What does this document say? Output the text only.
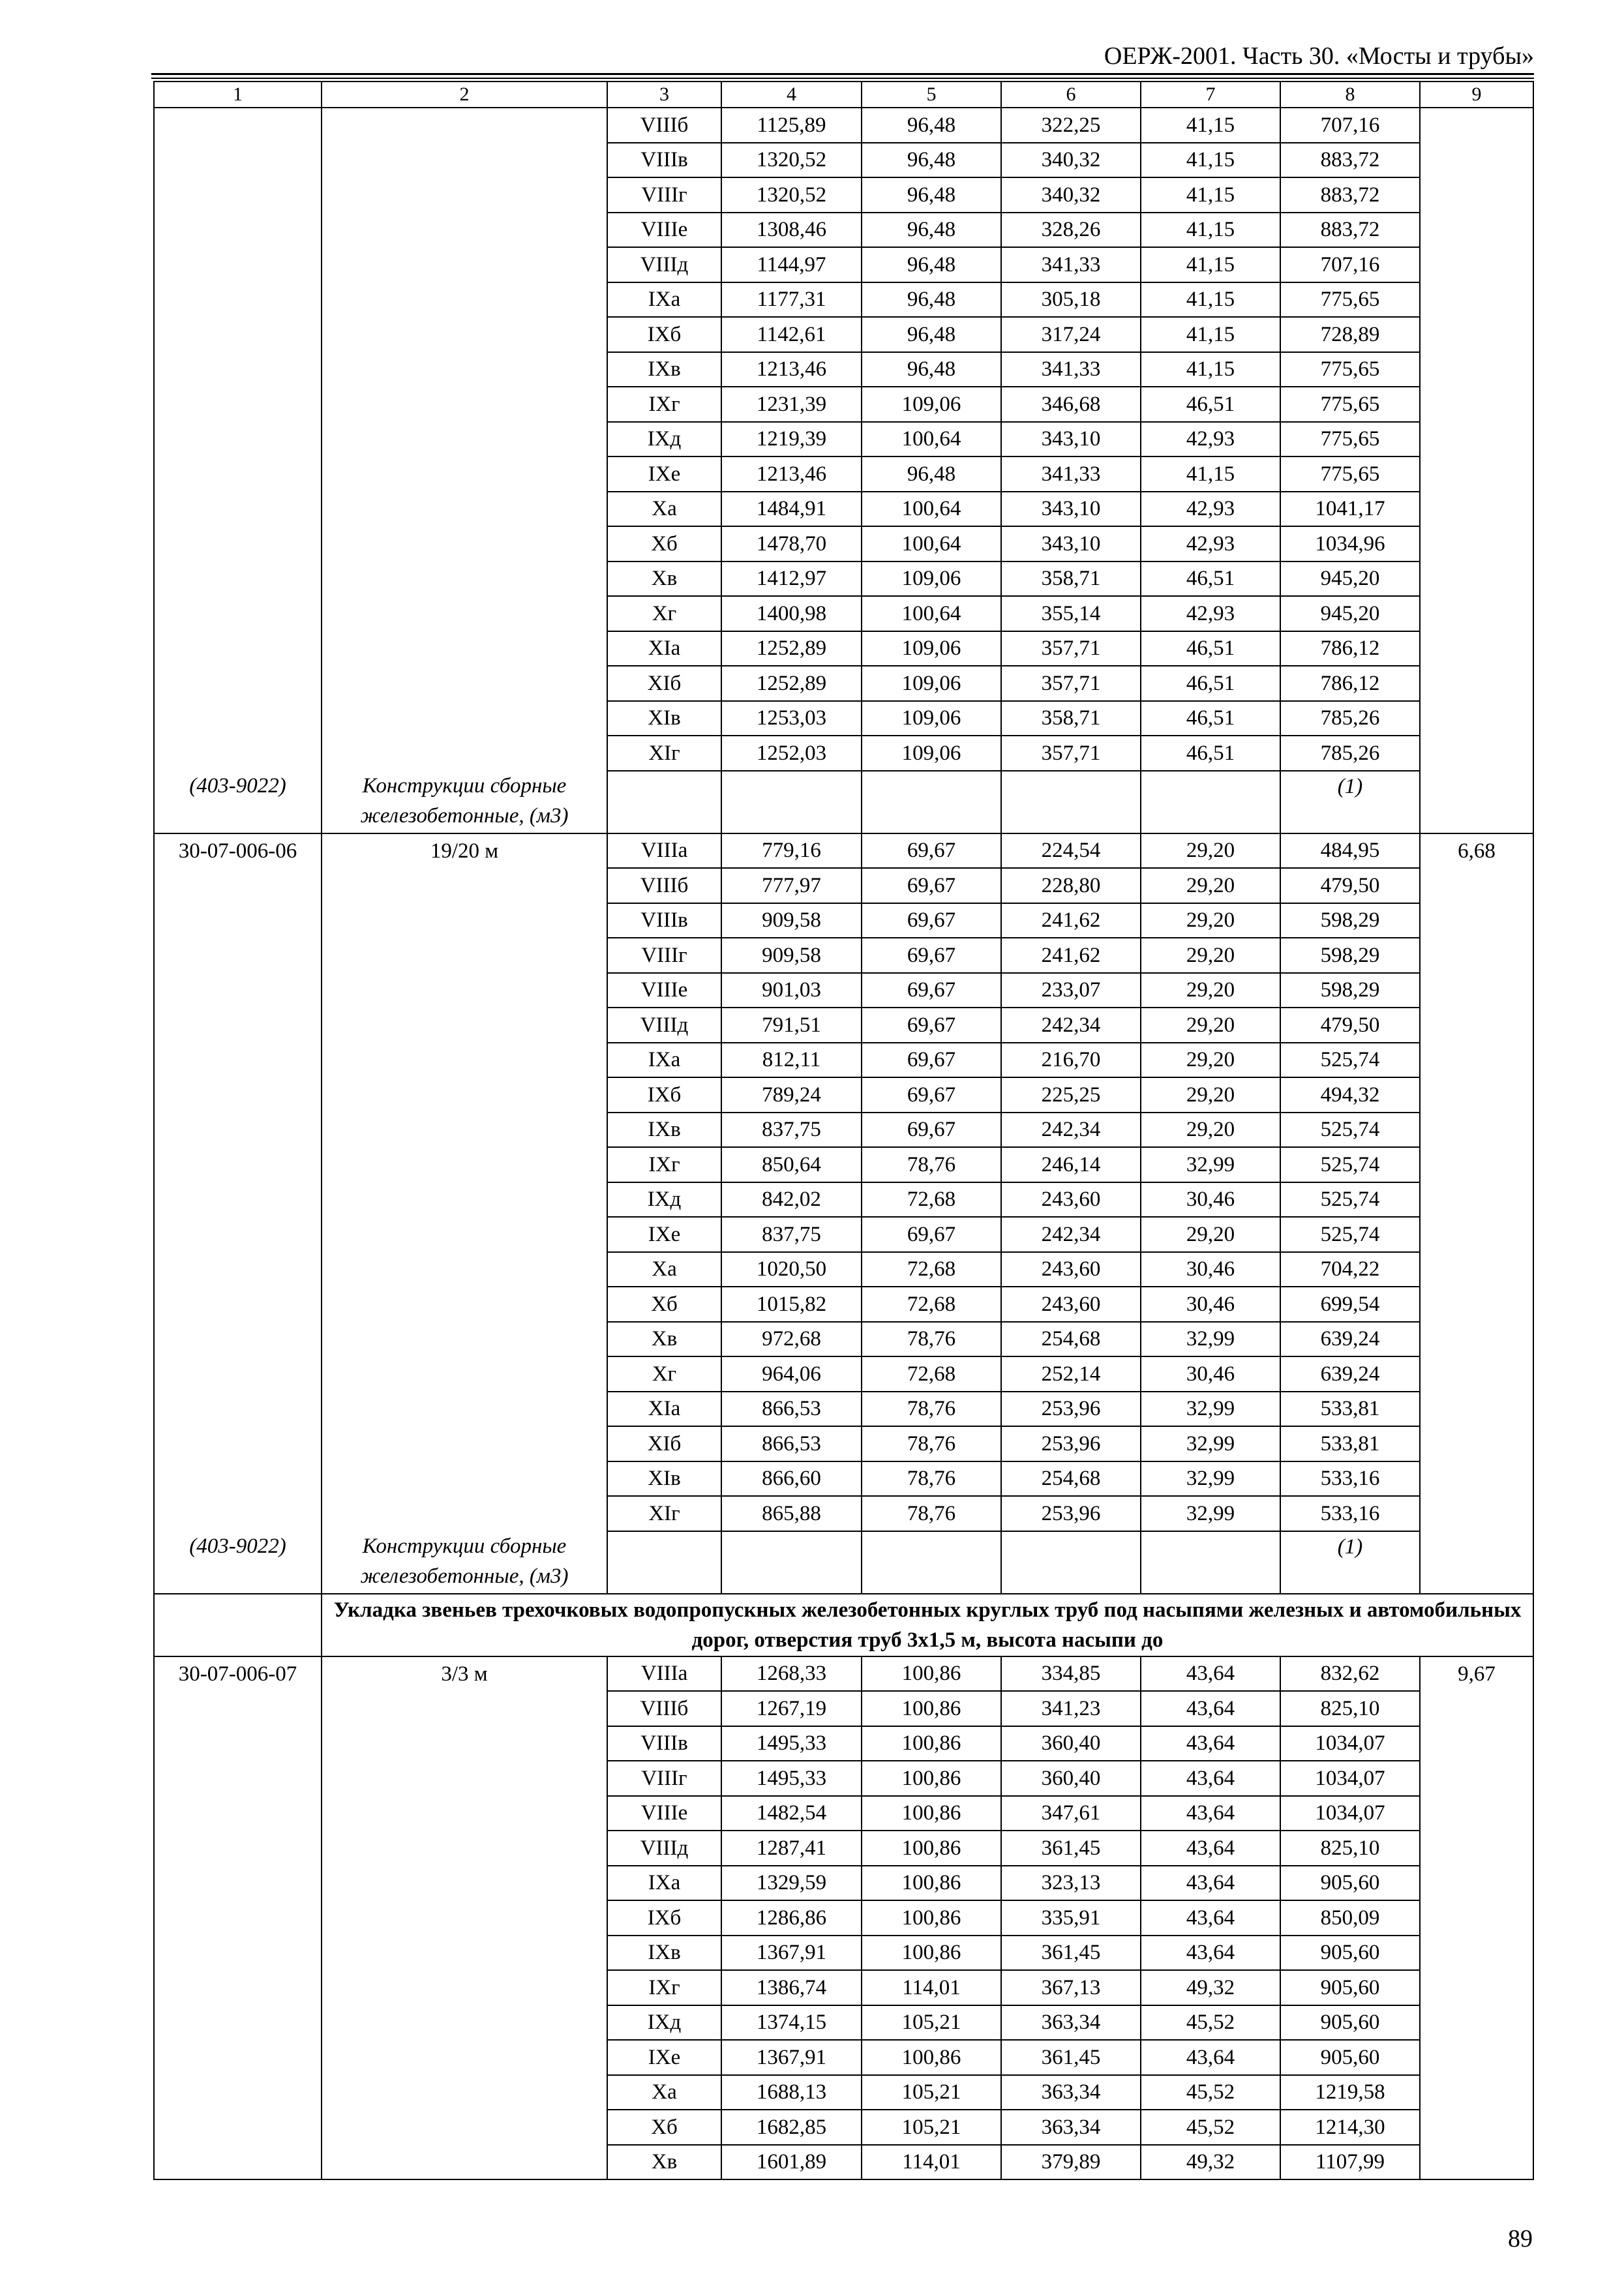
ОЕРЖ-2001. Часть 30. «Мосты и трубы»
1	2	3	4	5	6	7	8	9
		VIIIб	1125,89	96,48	322,25	41,15	707,16	
		VIIIв	1320,52	96,48	340,32	41,15	883,72	
		VIIIг	1320,52	96,48	340,32	41,15	883,72	
		VIIIе	1308,46	96,48	328,26	41,15	883,72	
		VIIIд	1144,97	96,48	341,33	41,15	707,16	
		IXа	1177,31	96,48	305,18	41,15	775,65	
		IXб	1142,61	96,48	317,24	41,15	728,89	
		IXв	1213,46	96,48	341,33	41,15	775,65	
		IXг	1231,39	109,06	346,68	46,51	775,65	
		IXд	1219,39	100,64	343,10	42,93	775,65	
		IXе	1213,46	96,48	341,33	41,15	775,65	
		Xа	1484,91	100,64	343,10	42,93	1041,17	
		Xб	1478,70	100,64	343,10	42,93	1034,96	
		Xв	1412,97	109,06	358,71	46,51	945,20	
		Xг	1400,98	100,64	355,14	42,93	945,20	
		XIа	1252,89	109,06	357,71	46,51	786,12	
		XIб	1252,89	109,06	357,71	46,51	786,12	
		XIв	1253,03	109,06	358,71	46,51	785,26	
		XIг	1252,03	109,06	357,71	46,51	785,26	
(403-9022)	Конструкции сборные железобетонные, (м3)						(1)	
30-07-006-06	19/20 м	VIIIа	779,16	69,67	224,54	29,20	484,95	6,68
		VIIIб	777,97	69,67	228,80	29,20	479,50	
		VIIIв	909,58	69,67	241,62	29,20	598,29	
		VIIIг	909,58	69,67	241,62	29,20	598,29	
		VIIIе	901,03	69,67	233,07	29,20	598,29	
		VIIIд	791,51	69,67	242,34	29,20	479,50	
		IXа	812,11	69,67	216,70	29,20	525,74	
		IXб	789,24	69,67	225,25	29,20	494,32	
		IXв	837,75	69,67	242,34	29,20	525,74	
		IXг	850,64	78,76	246,14	32,99	525,74	
		IXд	842,02	72,68	243,60	30,46	525,74	
		IXе	837,75	69,67	242,34	29,20	525,74	
		Xа	1020,50	72,68	243,60	30,46	704,22	
		Xб	1015,82	72,68	243,60	30,46	699,54	
		Xв	972,68	78,76	254,68	32,99	639,24	
		Xг	964,06	72,68	252,14	30,46	639,24	
		XIа	866,53	78,76	253,96	32,99	533,81	
		XIб	866,53	78,76	253,96	32,99	533,81	
		XIв	866,60	78,76	254,68	32,99	533,16	
		XIг	865,88	78,76	253,96	32,99	533,16	
(403-9022)	Конструкции сборные железобетонные, (м3)						(1)	
	Укладка звеньев трехочковых водопропускных железобетонных круглых труб под насыпями железных и автомобильных дорог, отверстия труб 3х1,5 м, высота насыпи до							
30-07-006-07	3/3 м	VIIIа	1268,33	100,86	334,85	43,64	832,62	9,67
		VIIIб	1267,19	100,86	341,23	43,64	825,10	
		VIIIв	1495,33	100,86	360,40	43,64	1034,07	
		VIIIг	1495,33	100,86	360,40	43,64	1034,07	
		VIIIе	1482,54	100,86	347,61	43,64	1034,07	
		VIIIд	1287,41	100,86	361,45	43,64	825,10	
		IXа	1329,59	100,86	323,13	43,64	905,60	
		IXб	1286,86	100,86	335,91	43,64	850,09	
		IXв	1367,91	100,86	361,45	43,64	905,60	
		IXг	1386,74	114,01	367,13	49,32	905,60	
		IXд	1374,15	105,21	363,34	45,52	905,60	
		IXе	1367,91	100,86	361,45	43,64	905,60	
		Xа	1688,13	105,21	363,34	45,52	1219,58	
		Xб	1682,85	105,21	363,34	45,52	1214,30	
		Xв	1601,89	114,01	379,89	49,32	1107,99	
89
